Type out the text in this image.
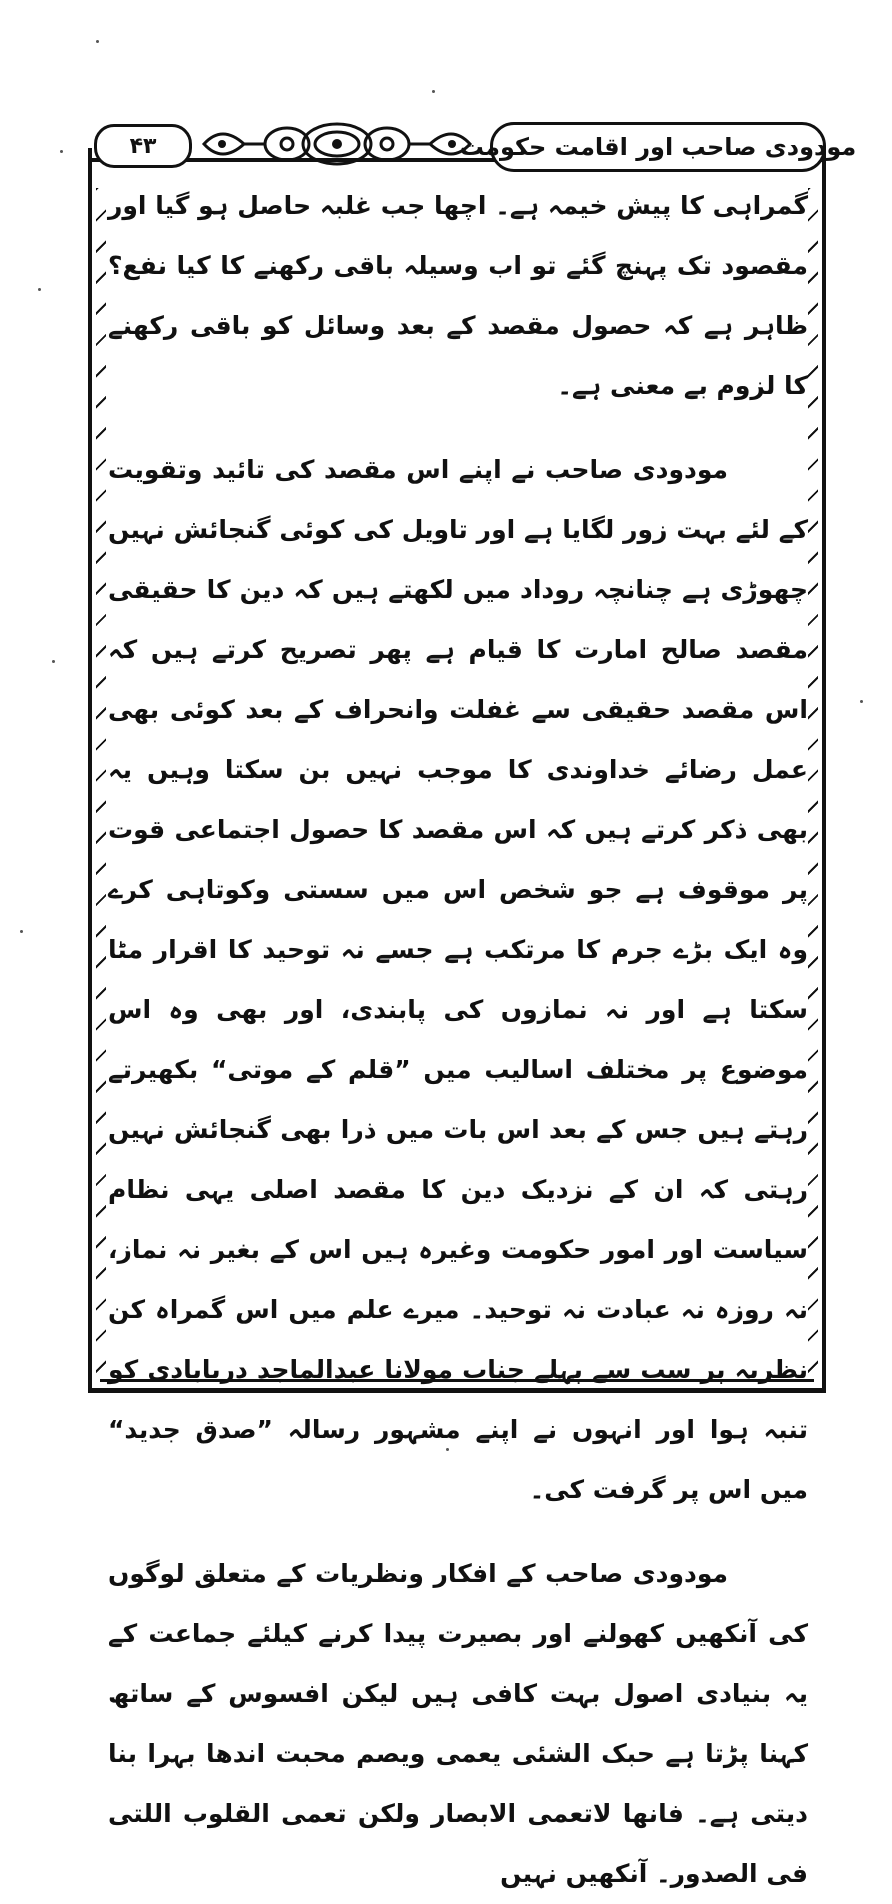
۴۳	مودودی صاحب اور اقامت حکومت

گمراہی کا پیش خیمہ ہے۔ اچھا جب غلبہ حاصل ہو گیا اور مقصود تک پہنچ گئے تو اب وسیلہ باقی رکھنے کا کیا نفع؟ ظاہر ہے کہ حصول مقصد کے بعد وسائل کو باقی رکھنے کا لزوم بے معنی ہے۔

مودودی صاحب نے اپنے اس مقصد کی تائید وتقویت کے لئے بہت زور لگایا ہے اور تاویل کی کوئی گنجائش نہیں چھوڑی ہے چنانچہ روداد میں لکھتے ہیں کہ دین کا حقیقی مقصد صالح امارت کا قیام ہے پھر تصریح کرتے ہیں کہ اس مقصد حقیقی سے غفلت وانحراف کے بعد کوئی بھی عمل رضائے خداوندی کا موجب نہیں بن سکتا وہیں یہ بھی ذکر کرتے ہیں کہ اس مقصد کا حصول اجتماعی قوت پر موقوف ہے جو شخص اس میں سستی وکوتاہی کرے وہ ایک بڑے جرم کا مرتکب ہے جسے نہ توحید کا اقرار مٹا سکتا ہے اور نہ نمازوں کی پابندی، اور بھی وہ اس موضوع پر مختلف اسالیب میں ”قلم کے موتی“ بکھیرتے رہتے ہیں جس کے بعد اس بات میں ذرا بھی گنجائش نہیں رہتی کہ ان کے نزدیک دین کا مقصد اصلی یہی نظام سیاست اور امور حکومت وغیرہ ہیں اس کے بغیر نہ نماز، نہ روزہ نہ عبادت نہ توحید۔ میرے علم میں اس گمراہ کن نظریہ پر سب سے پہلے جناب مولانا عبدالماجد دریابادی کو تنبہ ہوا اور انہوں نے اپنے مشہور رسالہ ”صدق جدید“ میں اس پر گرفت کی۔

مودودی صاحب کے افکار ونظریات کے متعلق لوگوں کی آنکھیں کھولنے اور بصیرت پیدا کرنے کیلئے جماعت کے یہ بنیادی اصول بہت کافی ہیں لیکن افسوس کے ساتھ کہنا پڑتا ہے حبک الشئی یعمی ویصم محبت اندھا بہرا بنا دیتی ہے۔ فانھا لاتعمی الابصار ولکن تعمی القلوب اللتی فی الصدور۔ آنکھیں نہیں
